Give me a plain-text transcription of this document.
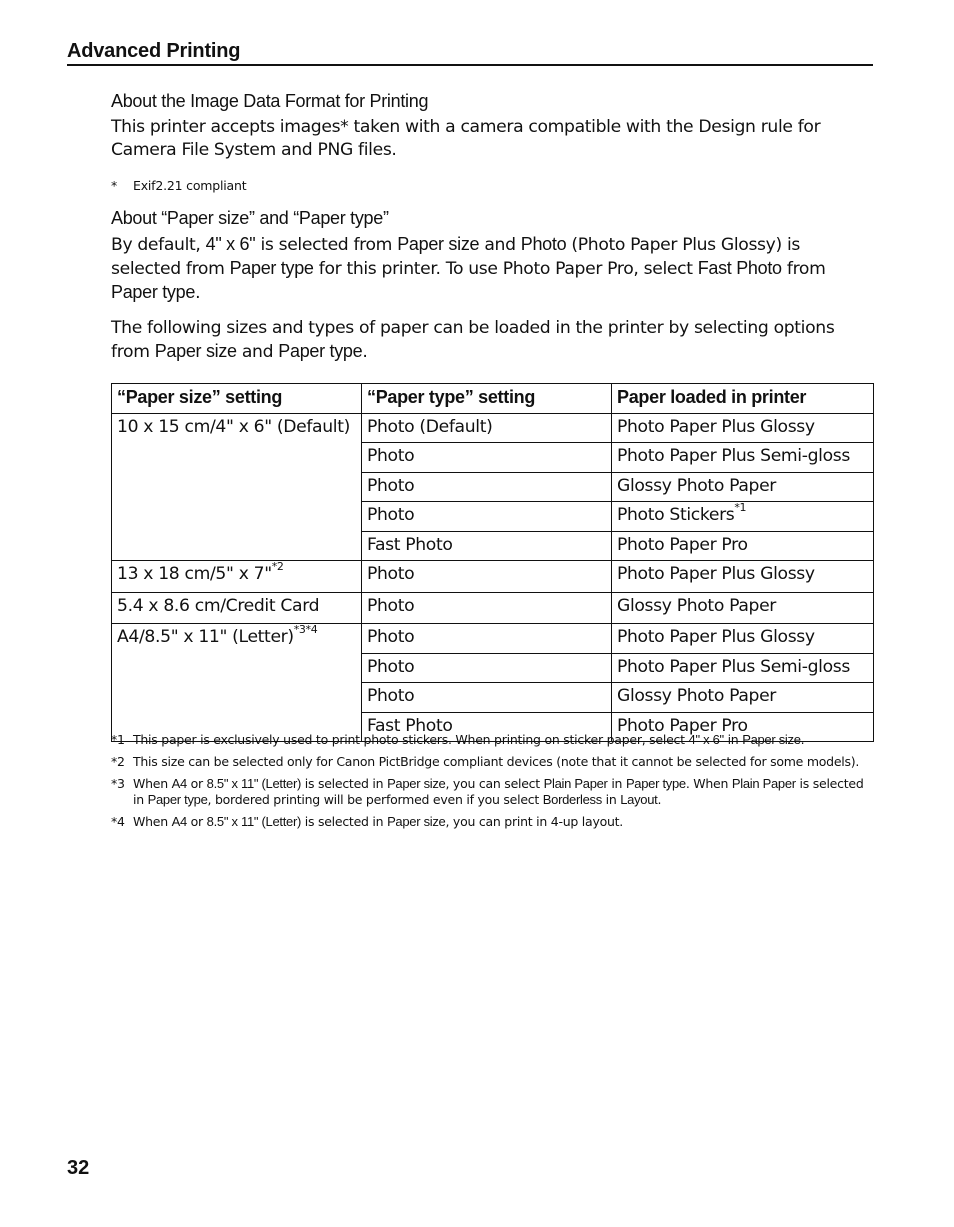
Advanced Printing
About the Image Data Format for Printing

This printer accepts images* taken with a camera compatible with the Design rule for Camera File System and PNG files.

*	Exif2.21 compliant
About “Paper size” and “Paper type”

By default, 4" x 6" is selected from Paper size and Photo (Photo Paper Plus Glossy) is selected from Paper type for this printer. To use Photo Paper Pro, select Fast Photo from Paper type.

The following sizes and types of paper can be loaded in the printer by selecting options from Paper size and Paper type.

“Paper size” setting	“Paper type” setting	Paper loaded in printer
10 x 15 cm/4" x 6" (Default)	Photo (Default)	Photo Paper Plus Glossy
	Photo	Photo Paper Plus Semi-gloss
	Photo	Glossy Photo Paper
	Photo	Photo Stickers$^{*1}$
	Fast Photo	Photo Paper Pro
13 x 18 cm/5" x 7"$^{*2}$	Photo	Photo Paper Plus Glossy
5.4 x 8.6 cm/Credit Card	Photo	Glossy Photo Paper
A4/8.5" x 11" (Letter)$^{*3*4}$	Photo	Photo Paper Plus Glossy
	Photo	Photo Paper Plus Semi-gloss
	Photo	Glossy Photo Paper
	Fast Photo	Photo Paper Pro
*1 This paper is exclusively used to print photo stickers. When printing on sticker paper, select 4" x 6" in Paper size.
*2 This size can be selected only for Canon PictBridge compliant devices (note that it cannot be selected for some models).
*3 When A4 or 8.5" x 11" (Letter) is selected in Paper size, you can select Plain Paper in Paper type. When Plain Paper is selected in Paper type, bordered printing will be performed even if you select Borderless in Layout.
*4 When A4 or 8.5" x 11" (Letter) is selected in Paper size, you can print in 4-up layout.
32
